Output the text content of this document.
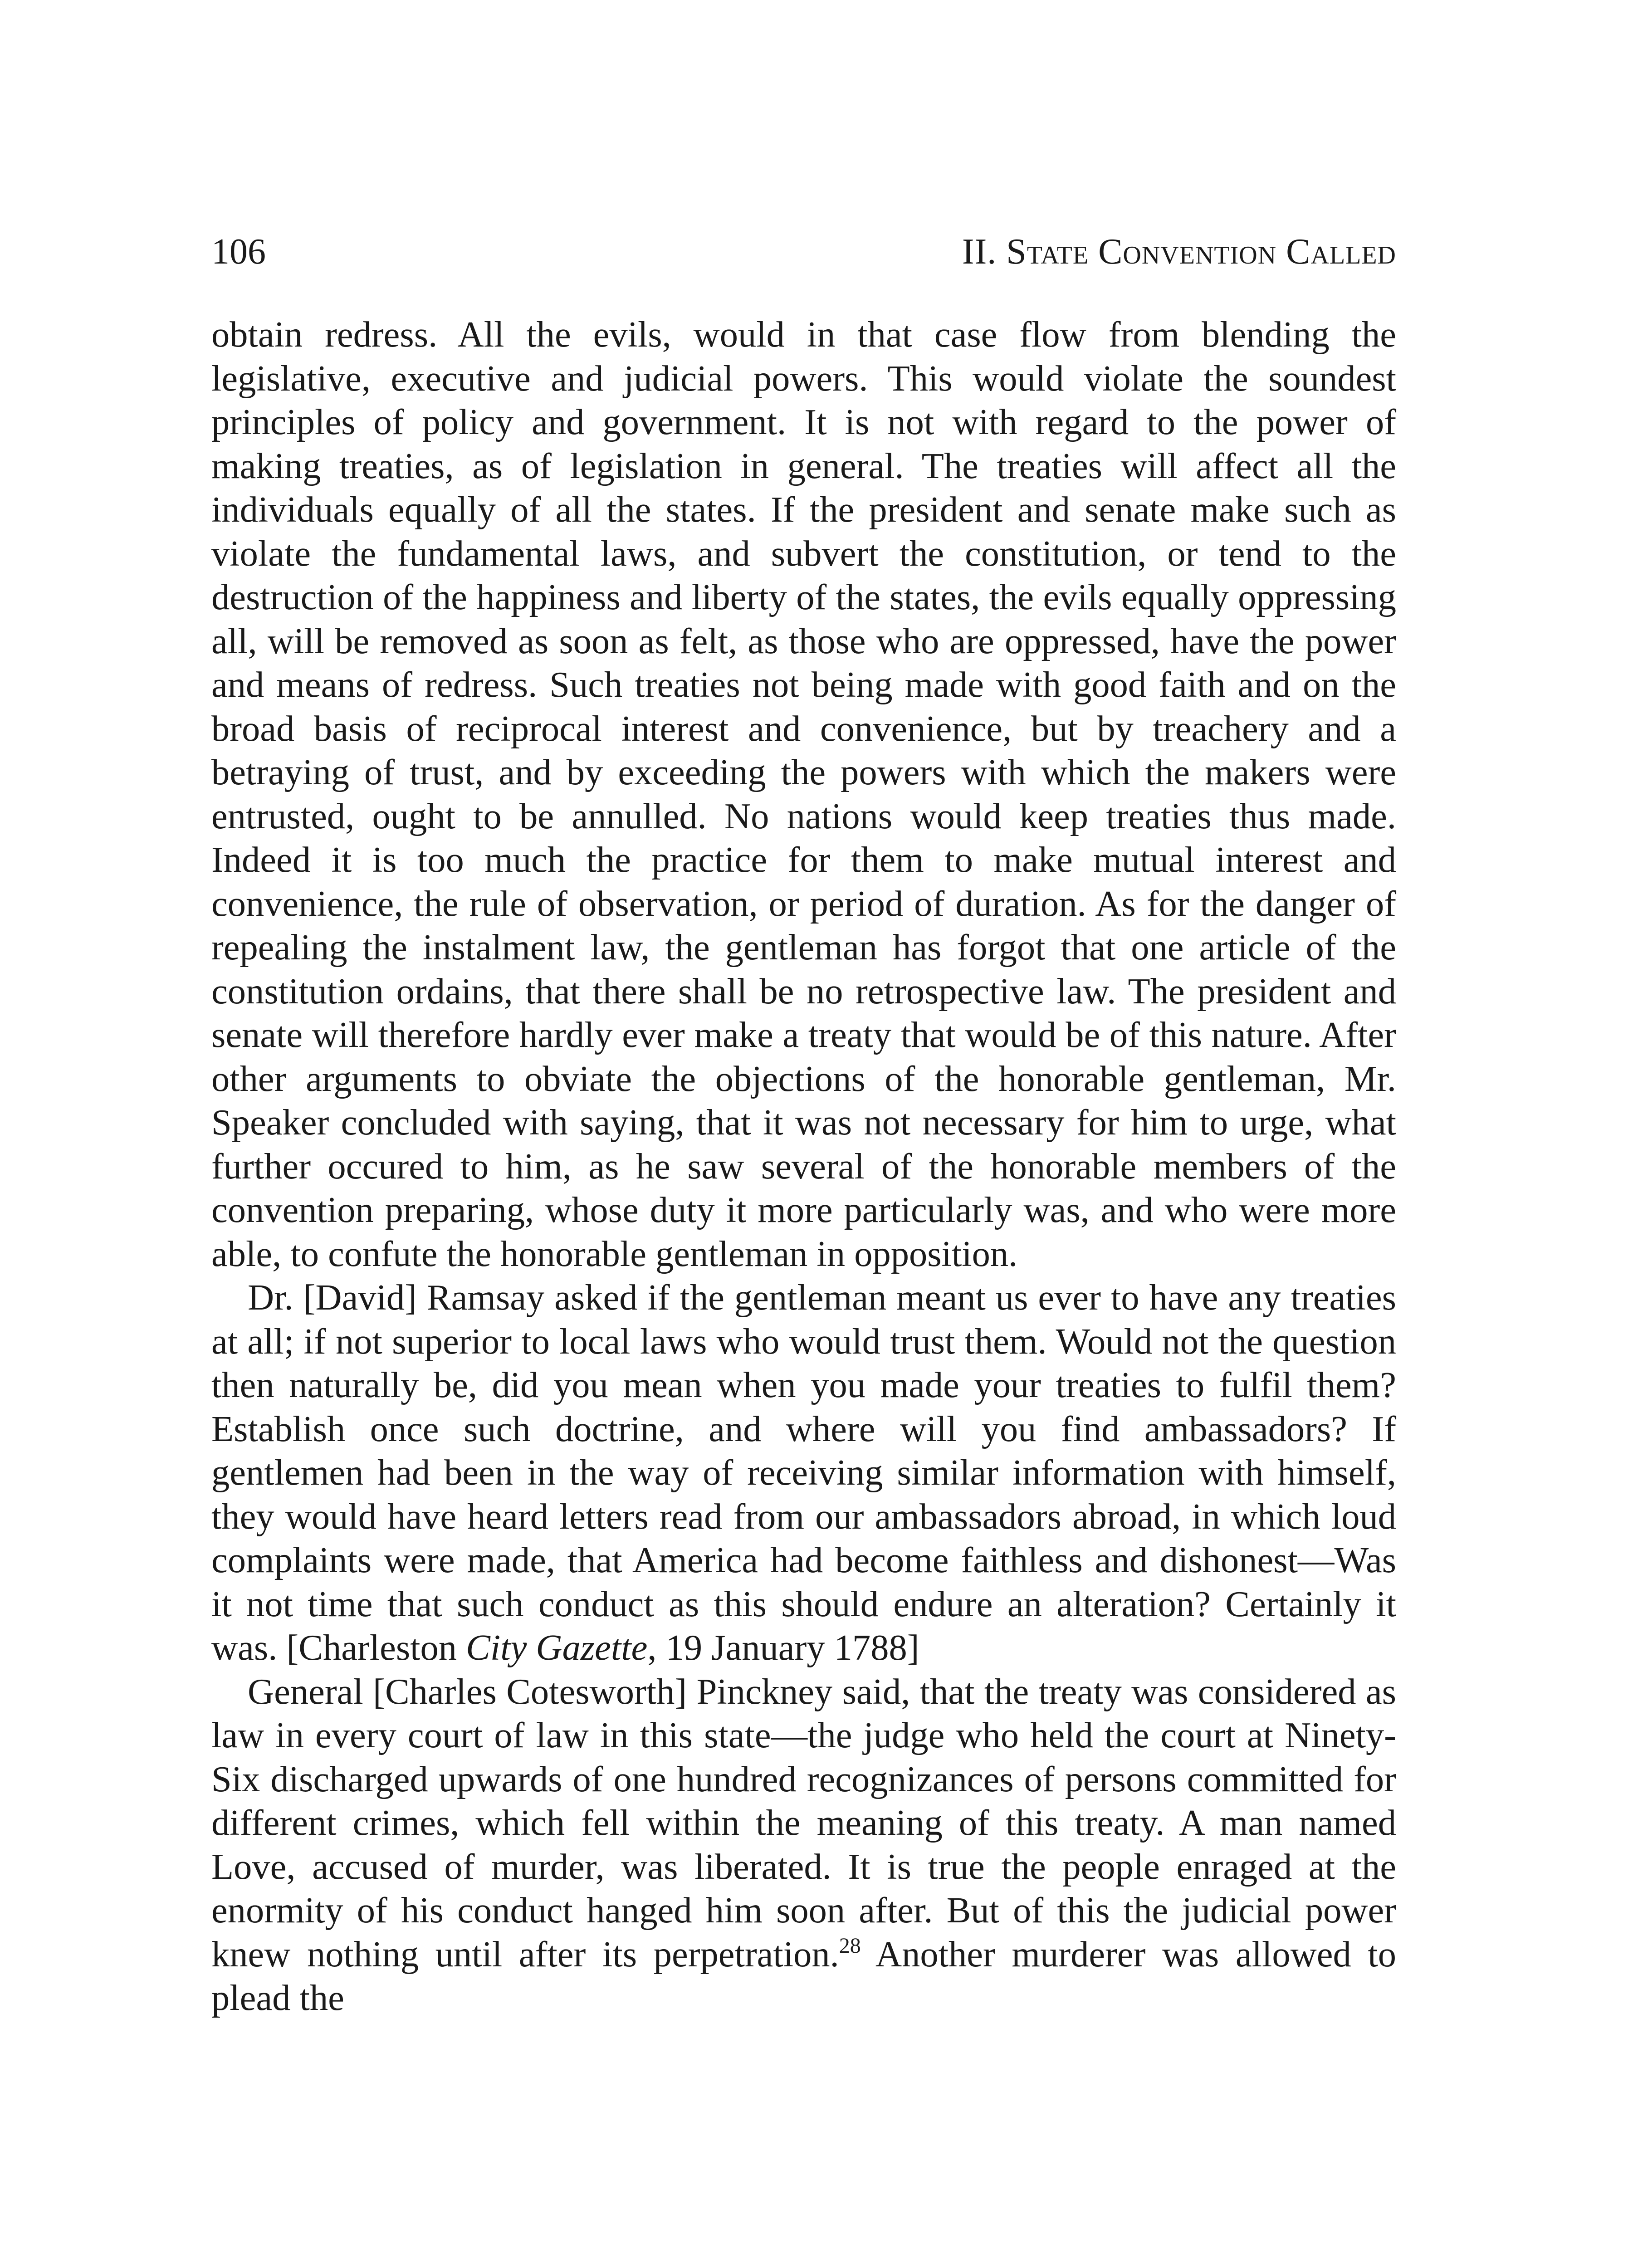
106	II. State Convention Called

obtain redress. All the evils, would in that case flow from blending the legislative, executive and judicial powers. This would violate the soundest principles of policy and government. It is not with regard to the power of making treaties, as of legislation in general. The treaties will affect all the individuals equally of all the states. If the president and senate make such as violate the fundamental laws, and subvert the constitution, or tend to the destruction of the happiness and liberty of the states, the evils equally oppressing all, will be removed as soon as felt, as those who are oppressed, have the power and means of redress. Such treaties not being made with good faith and on the broad basis of reciprocal interest and convenience, but by treachery and a betraying of trust, and by exceeding the powers with which the makers were entrusted, ought to be annulled. No nations would keep treaties thus made. Indeed it is too much the practice for them to make mutual interest and convenience, the rule of observation, or period of duration. As for the danger of repealing the instalment law, the gentleman has forgot that one article of the constitution ordains, that there shall be no retrospective law. The president and senate will therefore hardly ever make a treaty that would be of this nature. After other arguments to obviate the objections of the honorable gentleman, Mr. Speaker concluded with saying, that it was not necessary for him to urge, what further occured to him, as he saw several of the honorable members of the convention preparing, whose duty it more particularly was, and who were more able, to confute the honorable gentleman in opposition.

Dr. [David] Ramsay asked if the gentleman meant us ever to have any treaties at all; if not superior to local laws who would trust them. Would not the question then naturally be, did you mean when you made your treaties to fulfil them? Establish once such doctrine, and where will you find ambassadors? If gentlemen had been in the way of receiving similar information with himself, they would have heard letters read from our ambassadors abroad, in which loud complaints were made, that America had become faithless and dishonest—Was it not time that such conduct as this should endure an alteration? Certainly it was. [Charleston City Gazette, 19 January 1788]

General [Charles Cotesworth] Pinckney said, that the treaty was considered as law in every court of law in this state—the judge who held the court at Ninety-Six discharged upwards of one hundred recognizances of persons committed for different crimes, which fell within the meaning of this treaty. A man named Love, accused of murder, was liberated. It is true the people enraged at the enormity of his conduct hanged him soon after. But of this the judicial power knew nothing until after its perpetration.$^{28}$ Another murderer was allowed to plead the
